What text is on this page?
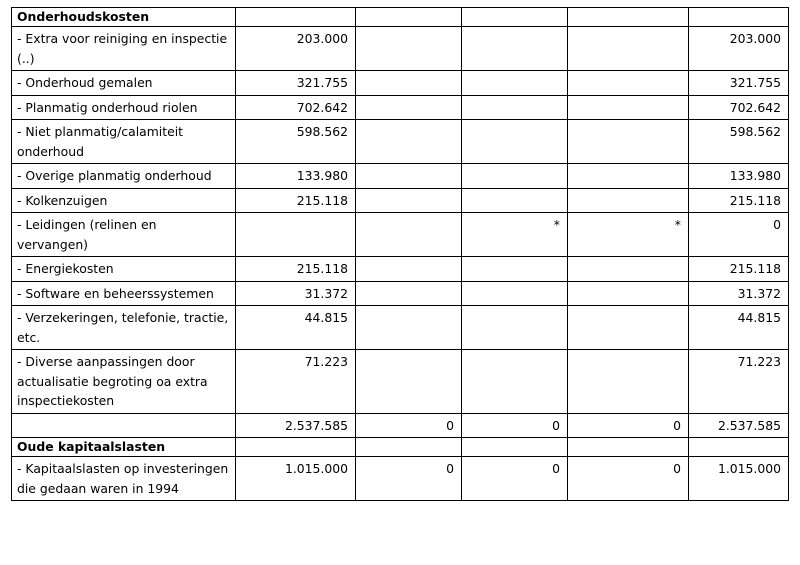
Onderhoudskosten					
- Extra voor reiniging en inspectie (..)	203.000				203.000
- Onderhoud gemalen	321.755				321.755
- Planmatig onderhoud riolen	702.642				702.642
- Niet planmatig/calamiteit onderhoud	598.562				598.562
- Overige planmatig onderhoud	133.980				133.980
- Kolkenzuigen	215.118				215.118
- Leidingen (relinen en vervangen)			*	*	0
- Energiekosten	215.118				215.118
- Software en beheerssystemen	31.372				31.372
- Verzekeringen, telefonie, tractie, etc.	44.815				44.815
- Diverse aanpassingen door actualisatie begroting oa extra inspectiekosten	71.223				71.223
	2.537.585	0	0	0	2.537.585
Oude kapitaalslasten					
- Kapitaalslasten op investeringen die gedaan waren in 1994	1.015.000	0	0	0	1.015.000
